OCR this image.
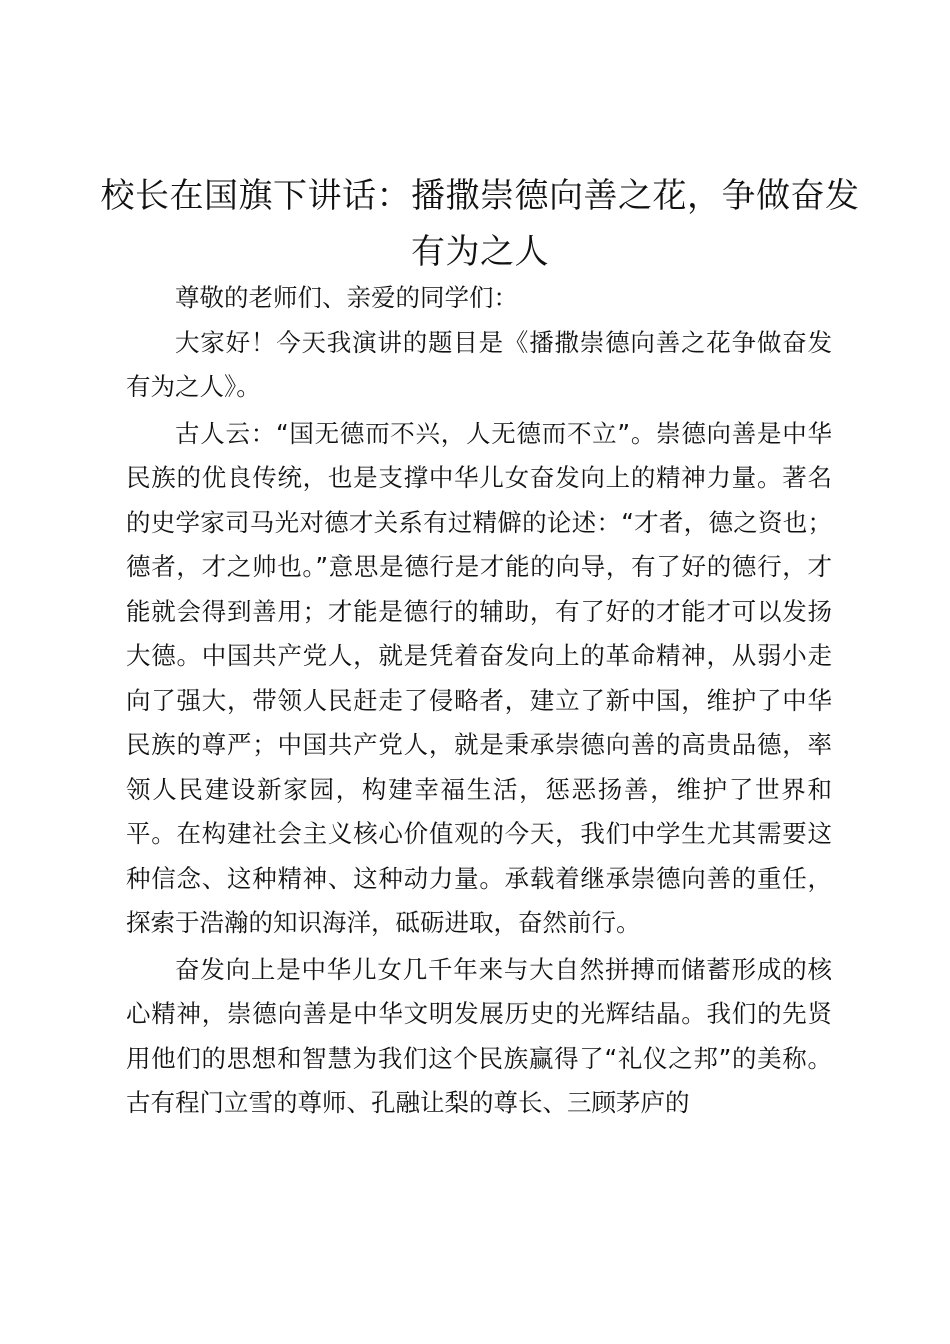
校长在国旗下讲话：播撒崇德向善之花，争做奋发有为之人

尊敬的老师们、亲爱的同学们：

大家好！今天我演讲的题目是《播撒崇德向善之花争做奋发有为之人》。

古人云：“国无德而不兴，人无德而不立”。崇德向善是中华民族的优良传统，也是支撑中华儿女奋发向上的精神力量。著名的史学家司马光对德才关系有过精僻的论述：“才者，德之资也；德者，才之帅也。”意思是德行是才能的向导，有了好的德行，才能就会得到善用；才能是德行的辅助，有了好的才能才可以发扬大德。中国共产党人，就是凭着奋发向上的革命精神，从弱小走向了强大，带领人民赶走了侵略者，建立了新中国，维护了中华民族的尊严；中国共产党人，就是秉承崇德向善的高贵品德，率领人民建设新家园，构建幸福生活，惩恶扬善，维护了世界和平。在构建社会主义核心价值观的今天，我们中学生尤其需要这种信念、这种精神、这种动力量。承载着继承崇德向善的重任，探索于浩瀚的知识海洋，砥砺进取，奋然前行。

奋发向上是中华儿女几千年来与大自然拼搏而储蓄形成的核心精神，崇德向善是中华文明发展历史的光辉结晶。我们的先贤用他们的思想和智慧为我们这个民族赢得了“礼仪之邦”的美称。古有程门立雪的尊师、孔融让梨的尊长、三顾茅庐的
